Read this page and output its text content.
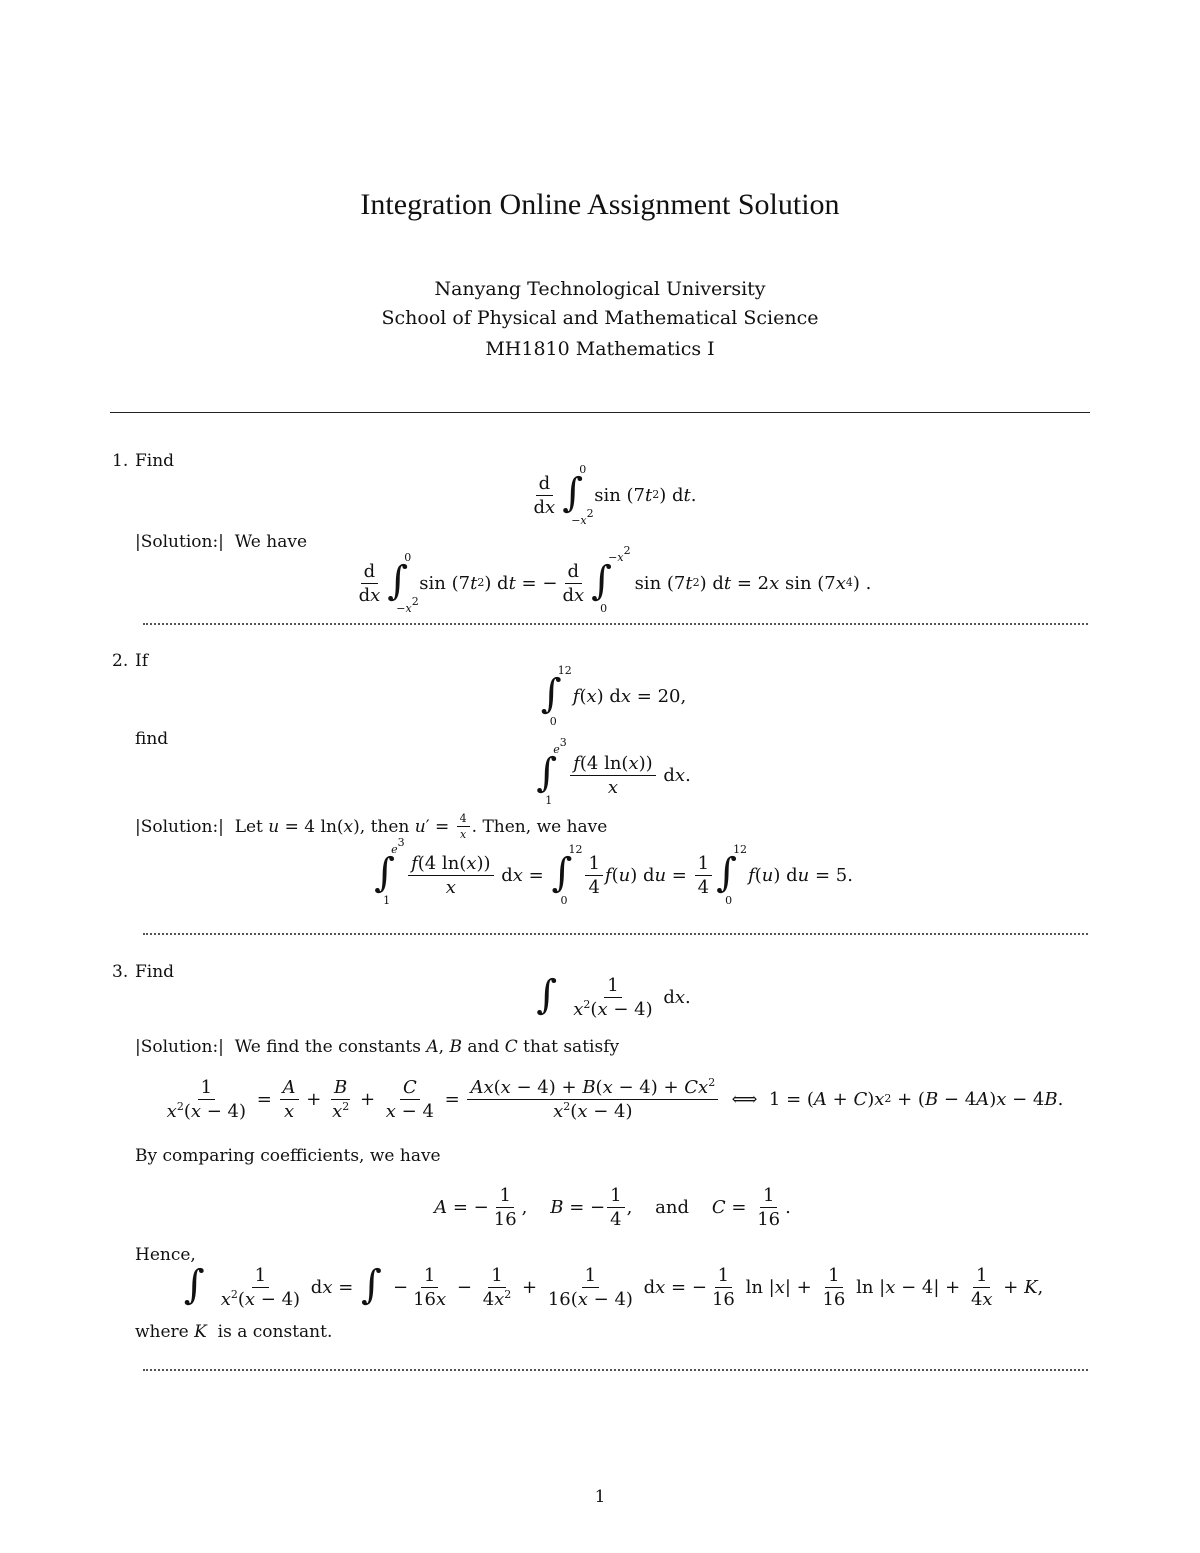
Integration Online Assignment Solution
Nanyang Technological University
School of Physical and Mathematical Science
MH1810 Mathematics I
1. Find
$\frac{d}{dx}$ ∫
0
$-x^2$
sin (7 t 2 ) d t .
|Solution:|  We have
$\frac{d}{dx}$ ∫
0
$-x^2$
sin (7 t 2 ) d t = − $\frac{d}{dx}$ ∫
$-x^2$
0
sin (7 t 2 ) d t = 2 x sin (7 x 4 ) .
2. If
∫
12
0
f ( x ) d x = 20,
find
∫
$e^3$
1
$\frac{f(4 \ln(x))}{x}$ d x .
|Solution:|  Let u = 4 ln( x ), then u ′ = $\frac{4}{x}$ . Then, we have
∫
$e^3$
1
$\frac{f(4 \ln(x))}{x}$ d x = ∫
12
0
$\frac{1}{4}$ f ( u ) d $u = \frac{1}{4}$ ∫
12
0
f ( u ) d u = 5.
3. Find	∫ $\frac{1}{x^2(x - 4)}$ d x .
|Solution:|  We find the constants A , B and C that satisfy
$\frac{1}{x^2(x - 4)} = \frac{A}{x} + \frac{B}{x^2} + \frac{C}{x - 4} = \frac{Ax(x - 4) + B(x - 4) + Cx^2}{x^2(x - 4)}$ ⟺  1 = ( A + C ) x 2 + ( B − 4 A ) x − 4 B .
By comparing coefficients, we have
A = − $\frac{1}{16}$ , B = − $\frac{1}{4}$ ,    and $C = \frac{1}{16}$ .
Hence,
∫ $\frac{1}{x^2(x - 4)}$ d x = ∫ − $\frac{1}{16x} - \frac{1}{4x^2} + \frac{1}{16(x - 4)}$ d x = − $\frac{1}{16}$ ln | x | + $\frac{1}{16}$ ln | $x - 4| + \frac{1}{4x} + K$ ,
where K is a constant.
1
